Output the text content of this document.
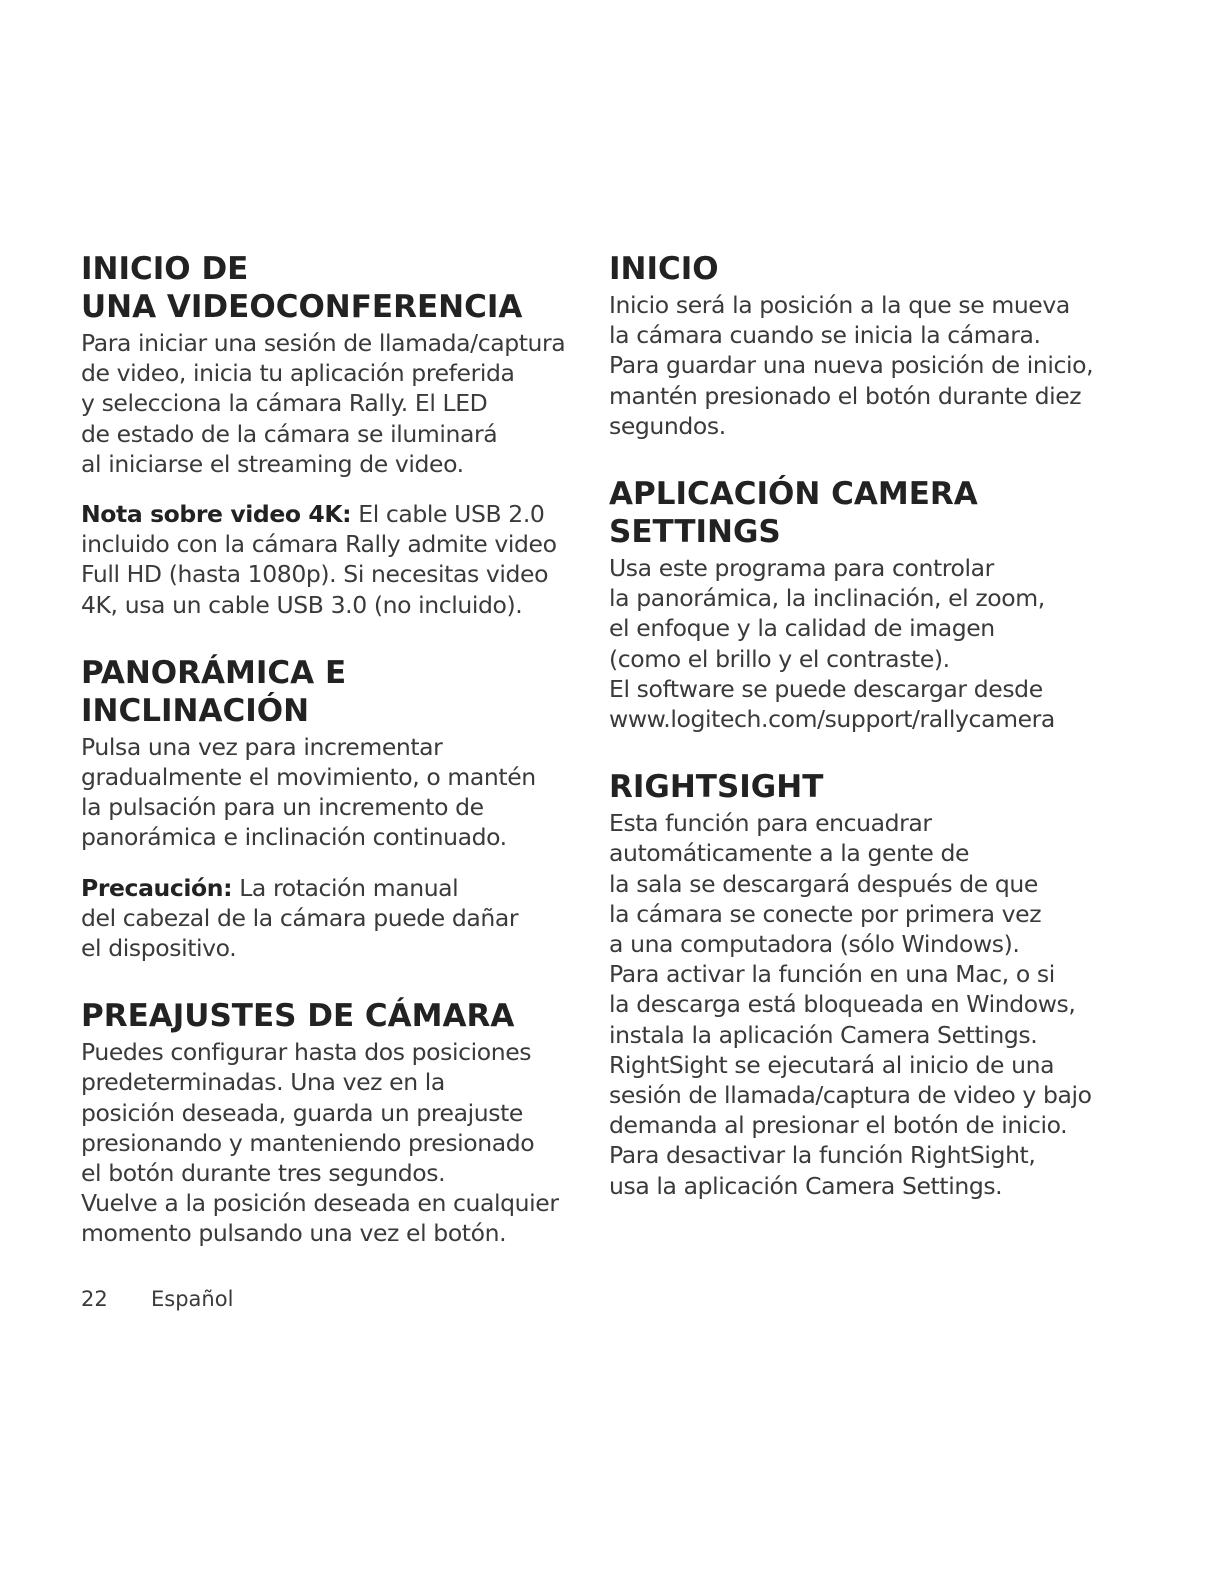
INICIO DE
UNA VIDEOCONFERENCIA

Para iniciar una sesión de llamada/captura
de video, inicia tu aplicación preferida
y selecciona la cámara Rally. El LED
de estado de la cámara se iluminará
al iniciarse el streaming de video.

Nota sobre video 4K: El cable USB 2.0
incluido con la cámara Rally admite video
Full HD (hasta 1080p). Si necesitas video
4K, usa un cable USB 3.0 (no incluido).

PANORÁMICA E INCLINACIÓN

Pulsa una vez para incrementar
gradualmente el movimiento, o mantén
la pulsación para un incremento de
panorámica e inclinación continuado.

Precaución: La rotación manual
del cabezal de la cámara puede dañar
el dispositivo.

PREAJUSTES DE CÁMARA

Puedes configurar hasta dos posiciones
predeterminadas. Una vez en la
posición deseada, guarda un preajuste
presionando y manteniendo presionado
el botón durante tres segundos.
Vuelve a la posición deseada en cualquier
momento pulsando una vez el botón.

INICIO

Inicio será la posición a la que se mueva
la cámara cuando se inicia la cámara.
Para guardar una nueva posición de inicio,
mantén presionado el botón durante diez
segundos.

APLICACIÓN CAMERA
SETTINGS

Usa este programa para controlar
la panorámica, la inclinación, el zoom,
el enfoque y la calidad de imagen
(como el brillo y el contraste).
El software se puede descargar desde
www.logitech.com/support/rallycamera

RIGHTSIGHT

Esta función para encuadrar
automáticamente a la gente de
la sala se descargará después de que
la cámara se conecte por primera vez
a una computadora (sólo Windows).
Para activar la función en una Mac, o si
la descarga está bloqueada en Windows,
instala la aplicación Camera Settings.
RightSight se ejecutará al inicio de una
sesión de llamada/captura de video y bajo
demanda al presionar el botón de inicio.
Para desactivar la función RightSight,
usa la aplicación Camera Settings.

22 Español
